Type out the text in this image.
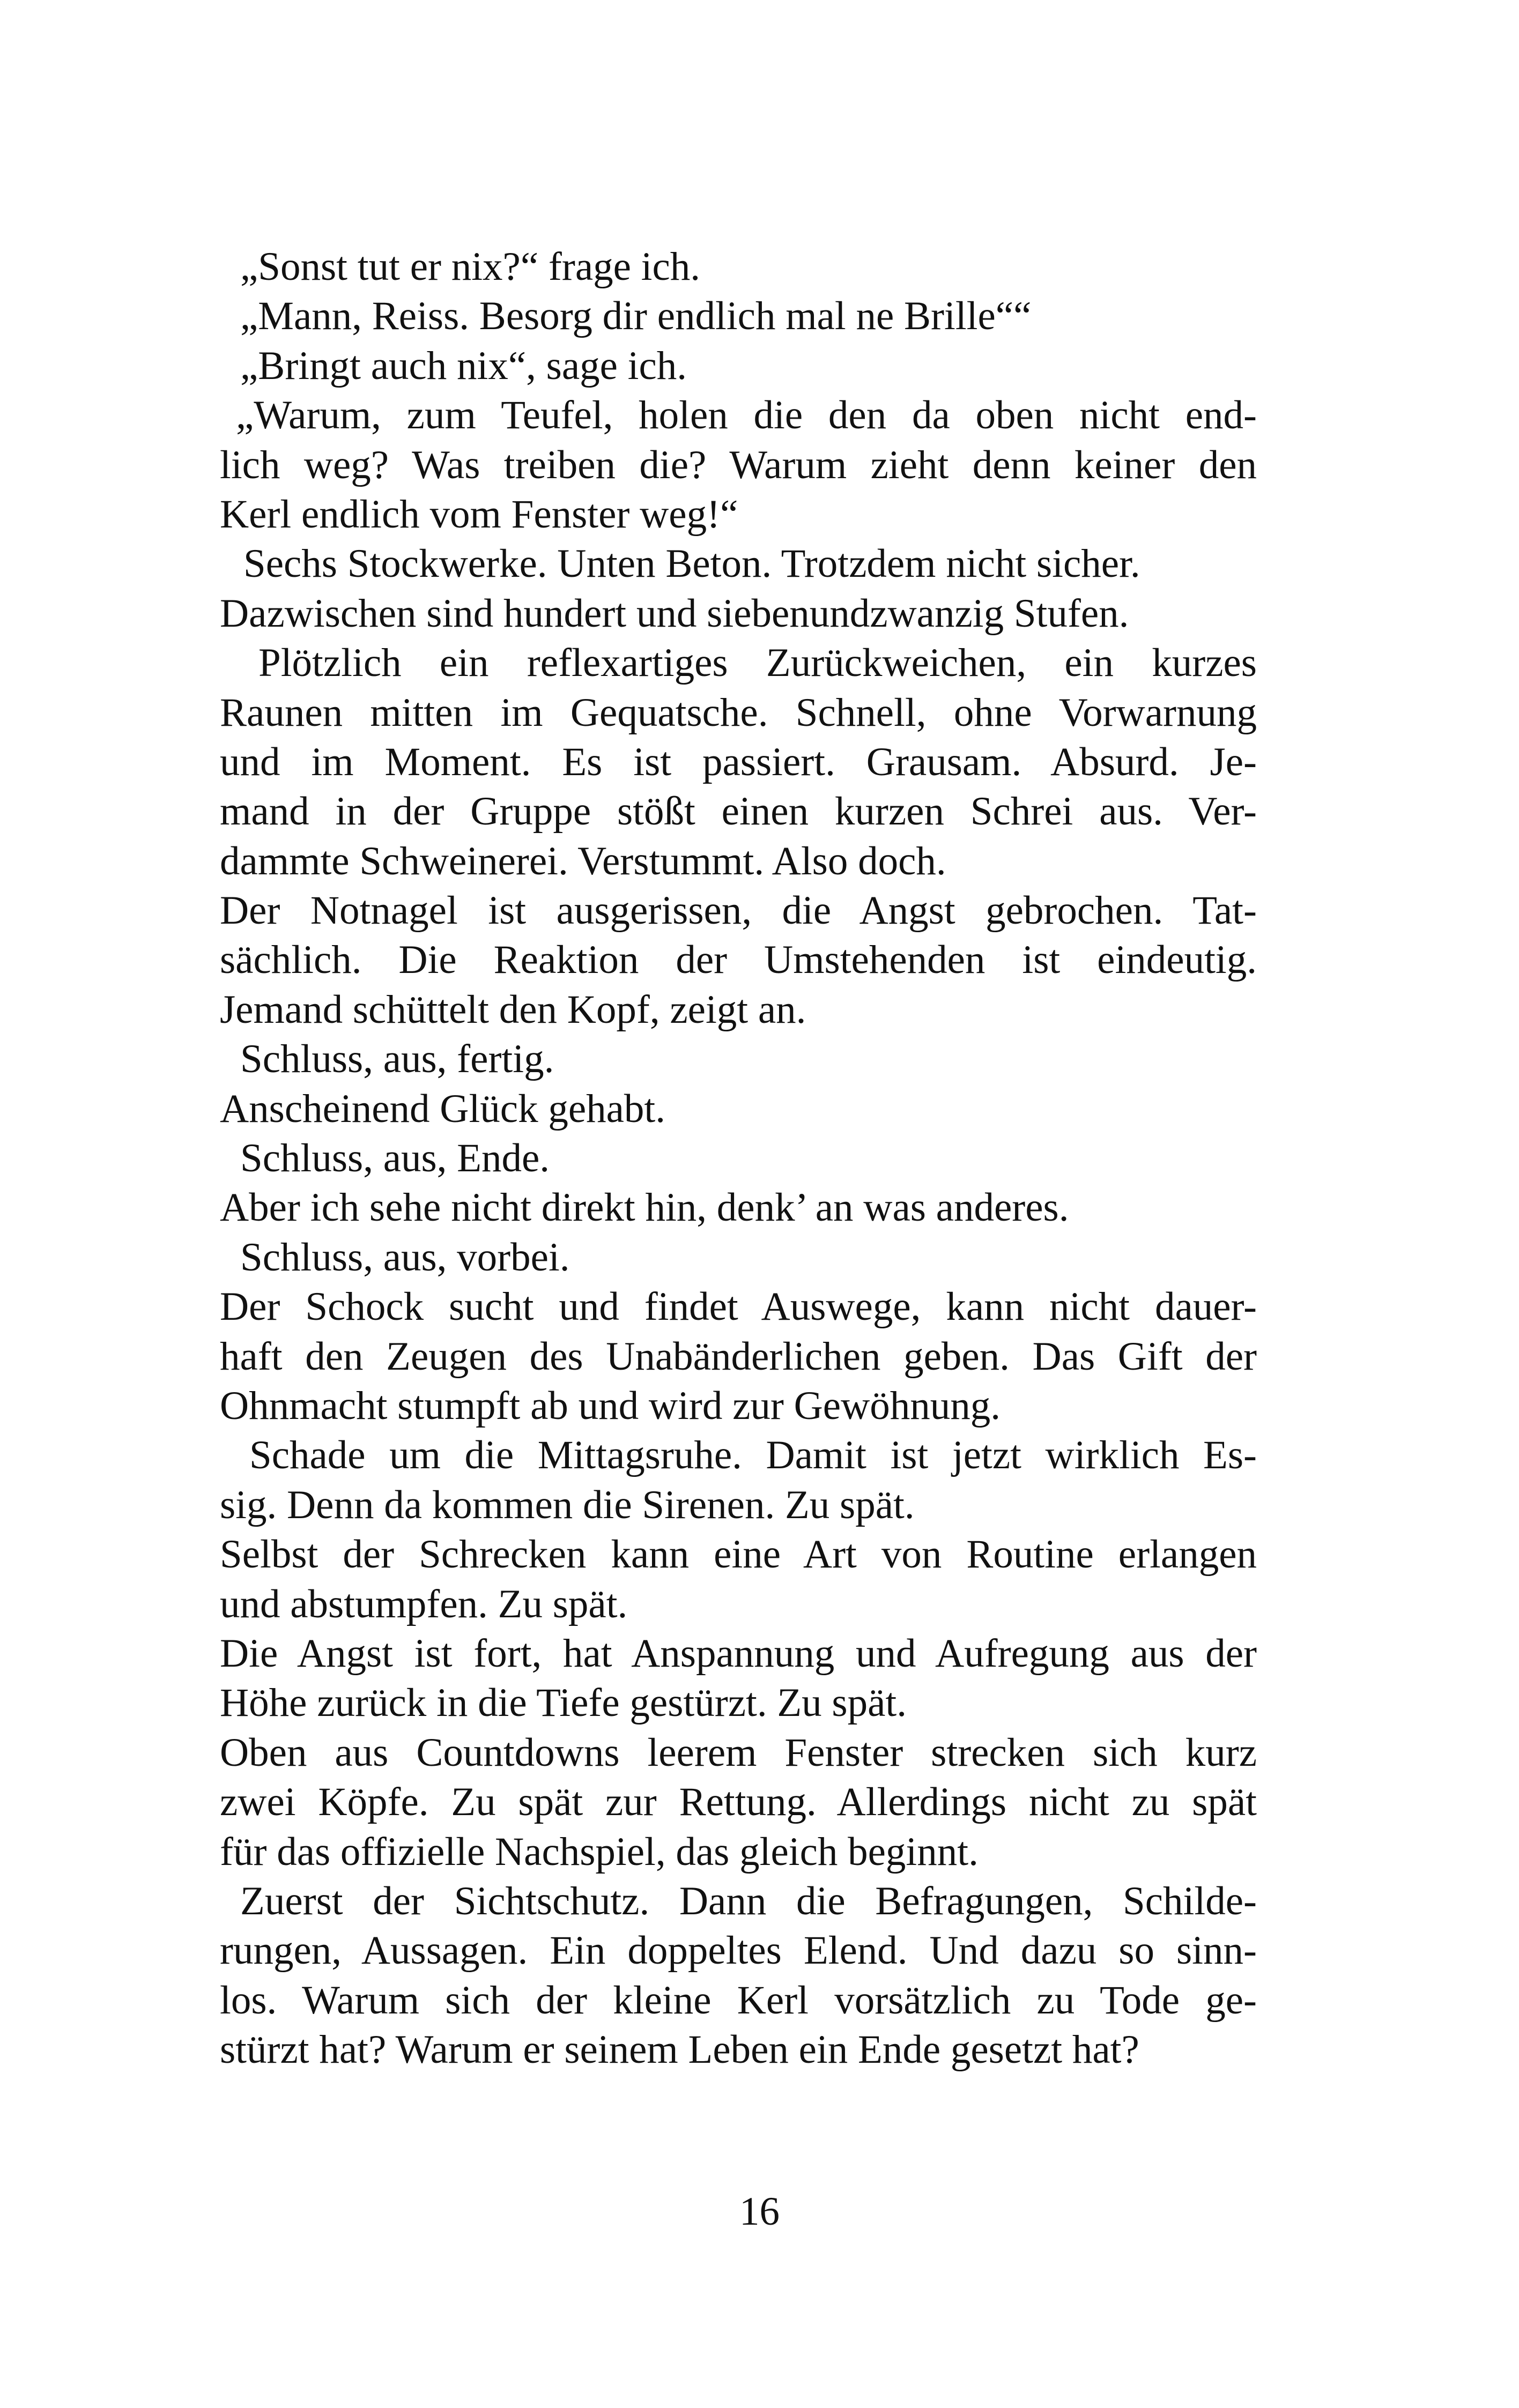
„Sonst tut er nix?“ frage ich.
„Mann, Reiss. Besorg dir endlich mal ne Brille““
„Bringt auch nix“, sage ich.
„Warum, zum Teufel, holen die den da oben nicht end-
lich weg? Was treiben die? Warum zieht denn keiner den
Kerl endlich vom Fenster weg!“
Sechs Stockwerke. Unten Beton. Trotzdem nicht sicher.
Dazwischen sind hundert und siebenundzwanzig Stufen.
Plötzlich ein reflexartiges Zurückweichen, ein kurzes
Raunen mitten im Gequatsche. Schnell, ohne Vorwarnung
und im Moment. Es ist passiert. Grausam. Absurd. Je-
mand in der Gruppe stößt einen kurzen Schrei aus. Ver-
dammte Schweinerei. Verstummt. Also doch.
Der Notnagel ist ausgerissen, die Angst gebrochen. Tat-
sächlich. Die Reaktion der Umstehenden ist eindeutig.
Jemand schüttelt den Kopf, zeigt an.
Schluss, aus, fertig.
Anscheinend Glück gehabt.
Schluss, aus, Ende.
Aber ich sehe nicht direkt hin, denk’ an was anderes.
Schluss, aus, vorbei.
Der Schock sucht und findet Auswege, kann nicht dauer-
haft den Zeugen des Unabänderlichen geben. Das Gift der
Ohnmacht stumpft ab und wird zur Gewöhnung.
Schade um die Mittagsruhe. Damit ist jetzt wirklich Es-
sig. Denn da kommen die Sirenen. Zu spät.
Selbst der Schrecken kann eine Art von Routine erlangen
und abstumpfen. Zu spät.
Die Angst ist fort, hat Anspannung und Aufregung aus der
Höhe zurück in die Tiefe gestürzt. Zu spät.
Oben aus Countdowns leerem Fenster strecken sich kurz
zwei Köpfe. Zu spät zur Rettung. Allerdings nicht zu spät
für das offizielle Nachspiel, das gleich beginnt.
Zuerst der Sichtschutz. Dann die Befragungen, Schilde-
rungen, Aussagen. Ein doppeltes Elend. Und dazu so sinn-
los. Warum sich der kleine Kerl vorsätzlich zu Tode ge-
stürzt hat? Warum er seinem Leben ein Ende gesetzt hat?
16
